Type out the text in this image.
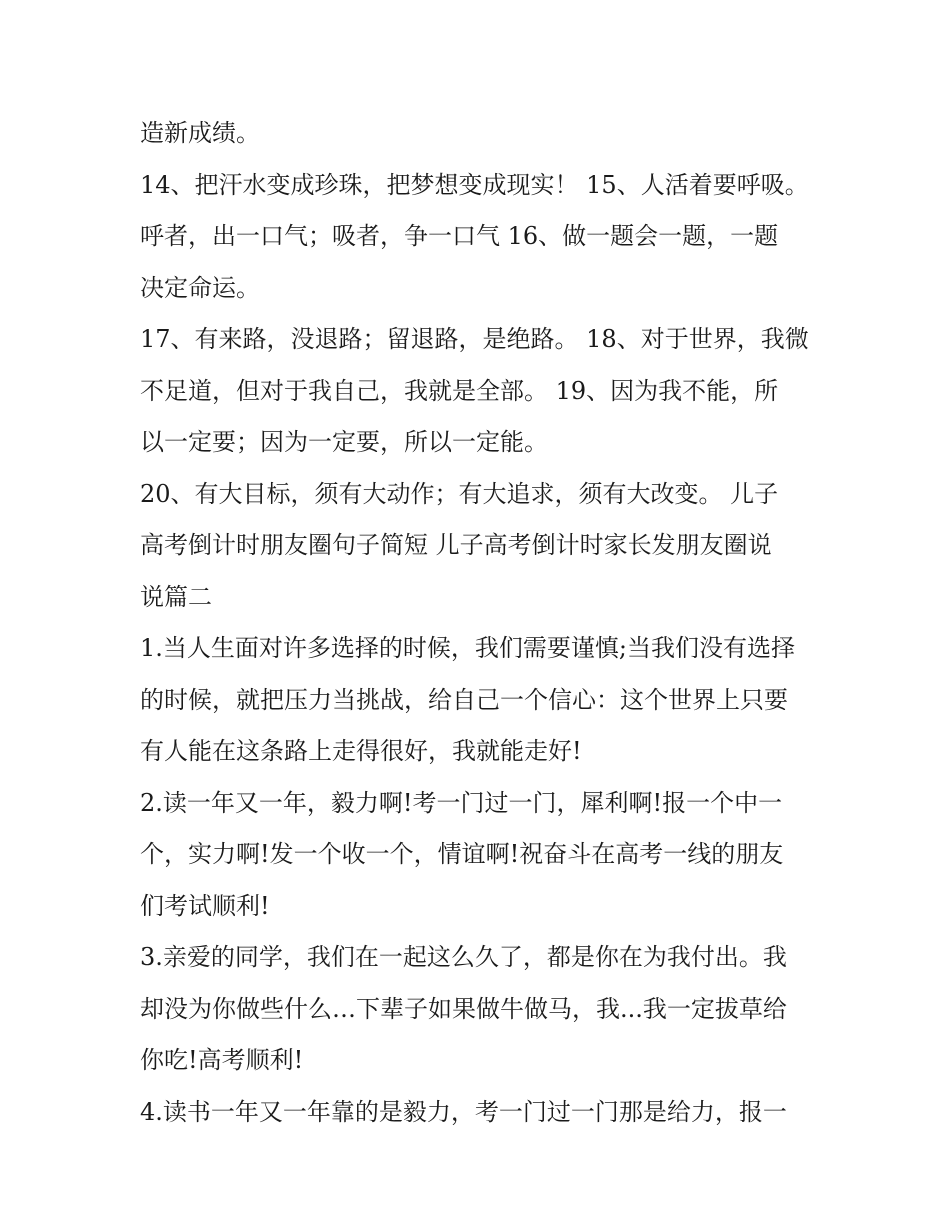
造新成绩。
14、把汗水变成珍珠，把梦想变成现实！ 15、人活着要呼吸。
呼者，出一口气；吸者，争一口气 16、做一题会一题，一题
决定命运。
17、有来路，没退路；留退路，是绝路。 18、对于世界，我微
不足道，但对于我自己，我就是全部。 19、因为我不能，所
以一定要；因为一定要，所以一定能。
20、有大目标，须有大动作；有大追求，须有大改变。 儿子
高考倒计时朋友圈句子简短 儿子高考倒计时家长发朋友圈说
说篇二
1.当人生面对许多选择的时候，我们需要谨慎;当我们没有选择
的时候，就把压力当挑战，给自己一个信心：这个世界上只要
有人能在这条路上走得很好，我就能走好!
2.读一年又一年，毅力啊!考一门过一门，犀利啊!报一个中一
个，实力啊!发一个收一个，情谊啊!祝奋斗在高考一线的朋友
们考试顺利!
3.亲爱的同学，我们在一起这么久了，都是你在为我付出。我
却没为你做些什么…下辈子如果做牛做马，我...我一定拔草给
你吃!高考顺利!
4.读书一年又一年靠的是毅力，考一门过一门那是给力，报一
